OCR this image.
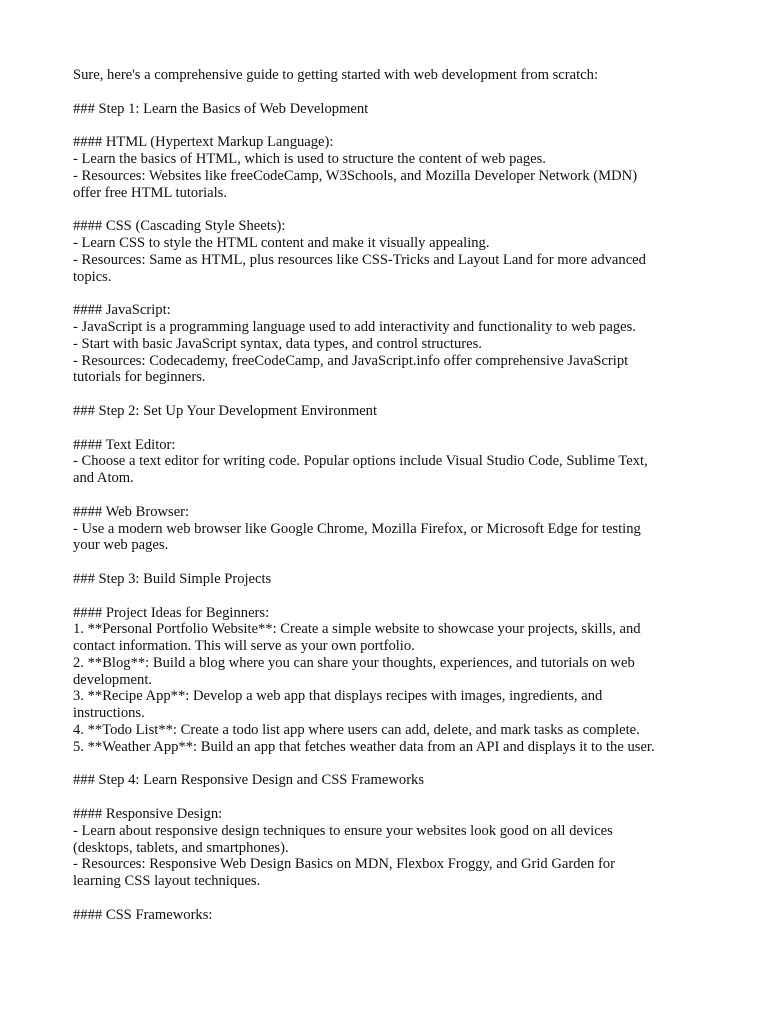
Sure, here's a comprehensive guide to getting started with web development from scratch:
### Step 1: Learn the Basics of Web Development
#### HTML (Hypertext Markup Language):
- Learn the basics of HTML, which is used to structure the content of web pages.
- Resources: Websites like freeCodeCamp, W3Schools, and Mozilla Developer Network (MDN)
offer free HTML tutorials.
#### CSS (Cascading Style Sheets):
- Learn CSS to style the HTML content and make it visually appealing.
- Resources: Same as HTML, plus resources like CSS-Tricks and Layout Land for more advanced
topics.
#### JavaScript:
- JavaScript is a programming language used to add interactivity and functionality to web pages.
- Start with basic JavaScript syntax, data types, and control structures.
- Resources: Codecademy, freeCodeCamp, and JavaScript.info offer comprehensive JavaScript
tutorials for beginners.
### Step 2: Set Up Your Development Environment
#### Text Editor:
- Choose a text editor for writing code. Popular options include Visual Studio Code, Sublime Text,
and Atom.
#### Web Browser:
- Use a modern web browser like Google Chrome, Mozilla Firefox, or Microsoft Edge for testing
your web pages.
### Step 3: Build Simple Projects
#### Project Ideas for Beginners:
1. **Personal Portfolio Website**: Create a simple website to showcase your projects, skills, and
contact information. This will serve as your own portfolio.
2. **Blog**: Build a blog where you can share your thoughts, experiences, and tutorials on web
development.
3. **Recipe App**: Develop a web app that displays recipes with images, ingredients, and
instructions.
4. **Todo List**: Create a todo list app where users can add, delete, and mark tasks as complete.
5. **Weather App**: Build an app that fetches weather data from an API and displays it to the user.
### Step 4: Learn Responsive Design and CSS Frameworks
#### Responsive Design:
- Learn about responsive design techniques to ensure your websites look good on all devices
(desktops, tablets, and smartphones).
- Resources: Responsive Web Design Basics on MDN, Flexbox Froggy, and Grid Garden for
learning CSS layout techniques.
#### CSS Frameworks:
